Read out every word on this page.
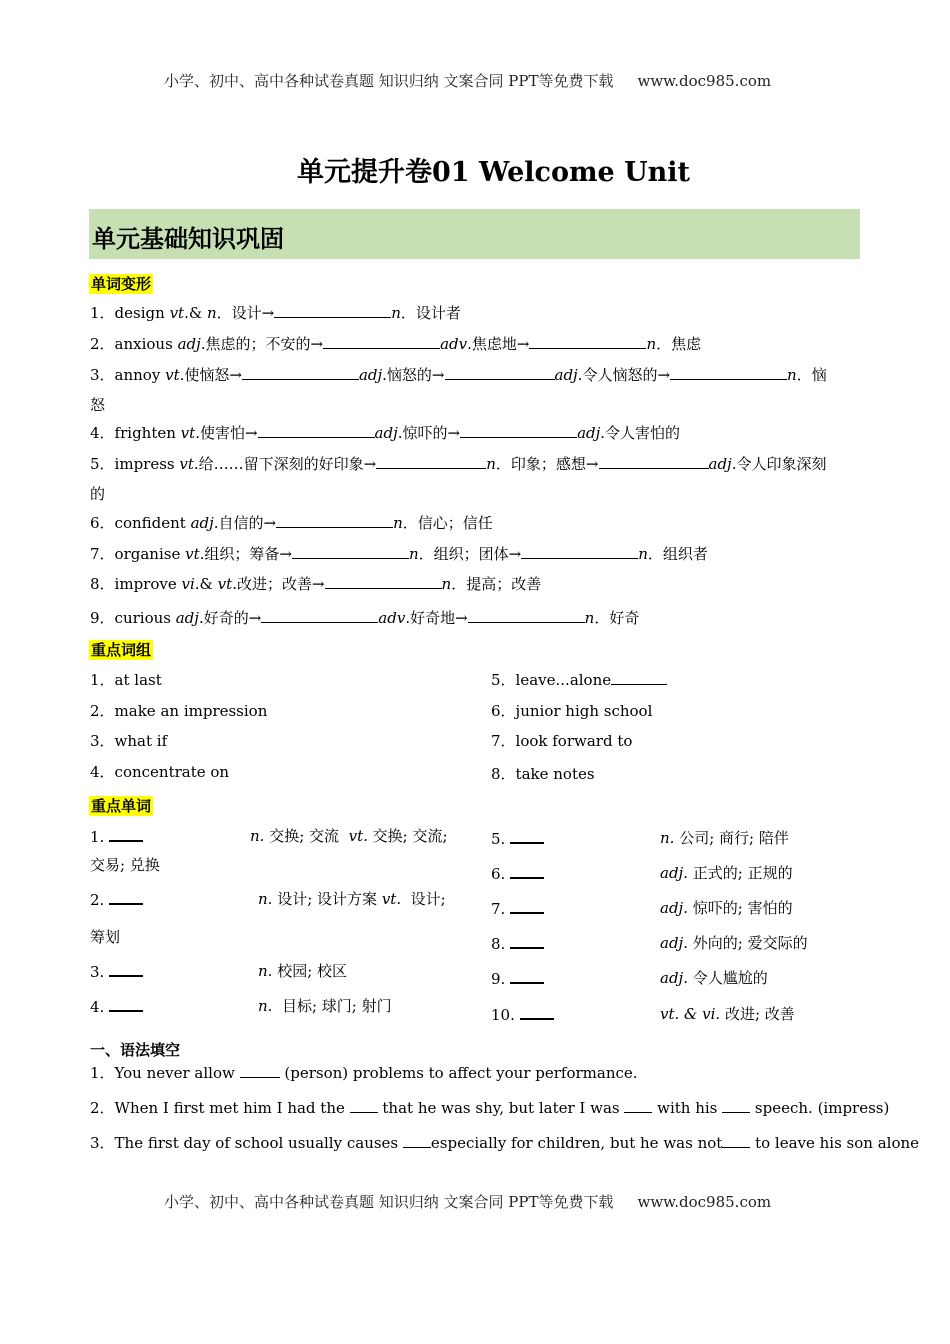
小学、初中、高中各种试卷真题 知识归纳 文案合同 PPT等免费下载 www.doc985.com
单元提升卷01 Welcome Unit
单元基础知识巩固
单词变形
1．design vt.& n．设计→	n．设计者
2．anxious adj.焦虑的；不安的→	adv.焦虑地→	n．焦虑
3．annoy vt.使恼怒→	adj.恼怒的→	adj.令人恼怒的→	n．恼
怒
4．frighten vt.使害怕→	adj.惊吓的→	adj.令人害怕的
5．impress vt.给……留下深刻的好印象→	n．印象；感想→	adj.令人印象深刻
的
6．confident adj.自信的→	n．信心；信任
7．organise vt.组织；筹备→	n．组织；团体→	n．组织者
8．improve vi.& vt.改进；改善→	n．提高；改善
9．curious adj.好奇的→	adv.好奇地→	n．好奇
重点词组
1．at last
2．make an impression
3．what if
4．concentrate on
5．leave...alone
6．junior high school
7．look forward to
8．take notes
重点单词
1.	n. 交换; 交流 vt. 交换; 交流;
交易; 兑换
2.	n. 设计; 设计方案 vt. 设计;
筹划
3.	n. 校园; 校区
4.	n. 目标; 球门; 射门
5.	n. 公司; 商行; 陪伴
6.	adj. 正式的; 正规的
7.	adj. 惊吓的; 害怕的
8.	adj. 外向的; 爱交际的
9.	adj. 令人尴尬的
10.	vt. & vi. 改进; 改善
一、语法填空
1．You never allow	(person) problems to affect your performance.
2．When I first met him I had the  that he was shy, but later I was  with his  speech. (impress)
3．The first day of school usually causes especially for children, but he was not to leave his son alone
小学、初中、高中各种试卷真题 知识归纳 文案合同 PPT等免费下载 www.doc985.com
